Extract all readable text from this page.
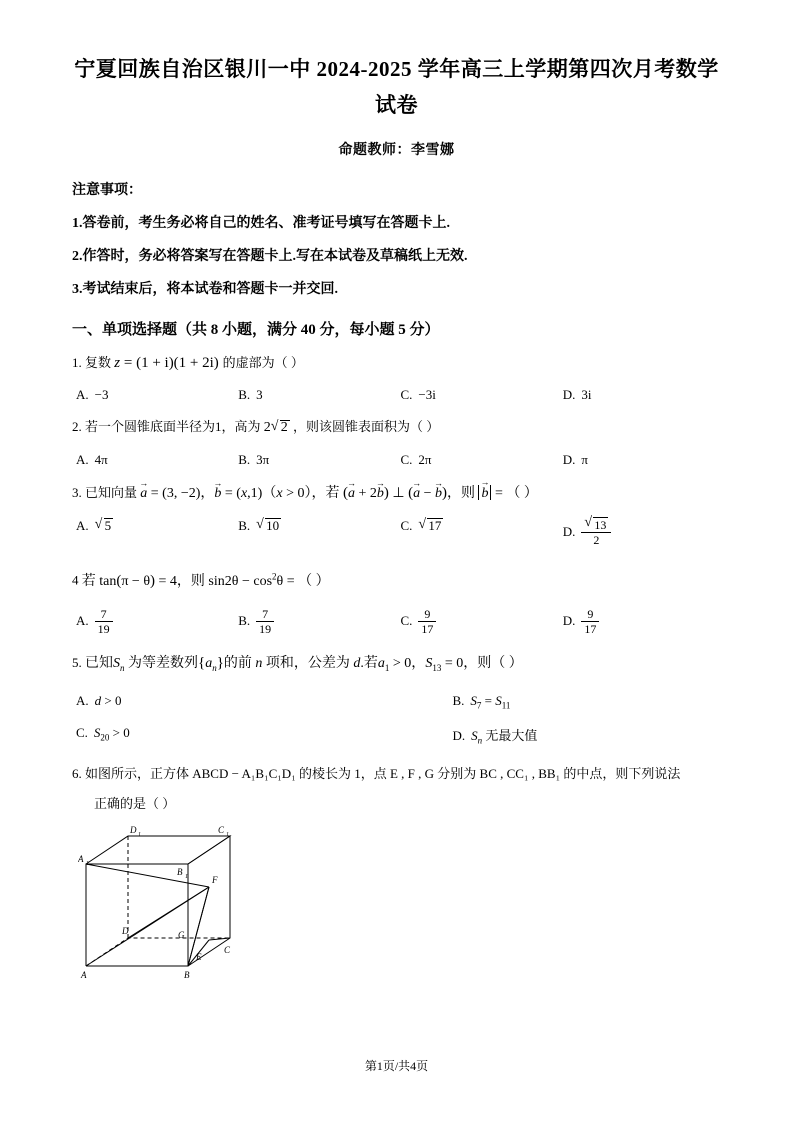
宁夏回族自治区银川一中 2024-2025 学年高三上学期第四次月考数学试卷
命题教师：李雪娜
注意事项：
1.答卷前，考生务必将自己的姓名、准考证号填写在答题卡上.
2.作答时，务必将答案写在答题卡上.写在本试卷及草稿纸上无效.
3.考试结束后，将本试卷和答题卡一并交回.
一、单项选择题（共 8 小题，满分 40 分，每小题 5 分）
1. 复数 z = (1 + i)(1 + 2i) 的虚部为（ ）
A. −3	B. 3	C. −3i	D. 3i
2. 若一个圆锥底面半径为1，高为 2 √ 2 ，则该圆锥表面积为（ ）
A. 4π	B. 3π	C. 2π	D. π
3. 已知向量 a → = (3, −2)，b → = (x,1)（x > 0），若 (a → + 2b →) ⊥ (a → − b →)，则 b → = （ ）
A. √ 5	B. √ 10	C. √ 17	D. √ $\frac{13}{2}$
4 若 tan(π − θ) = 4，则 $\sin 2\theta - \cos^2\theta$ = （ ）
A. $\frac{7}{19}$	B. $\frac{7}{19}$	C. $\frac{9}{17}$	D. $\frac{9}{17}$
5. 已知$S_n$ 为等差数列$\{a_n\}$的前 n 项和，公差为 d.若$a_1 > 0$，$S_{13} = 0$，则（ ）
A. d > 0	B. $S_7 = S_{11}$
C. $S_{20} > 0$	D. $S_n$ 无最大值
6. 如图所示，正方体 ABCD − A₁B₁C₁D₁ 的棱长为 1，点 E , F , G 分别为 BC , CC₁ , BB₁ 的中点，则下列说法
正确的是（ ）
D 1	C 1
A 1
B 1	F
G
D
C
E
A	B
第1页/共4页
